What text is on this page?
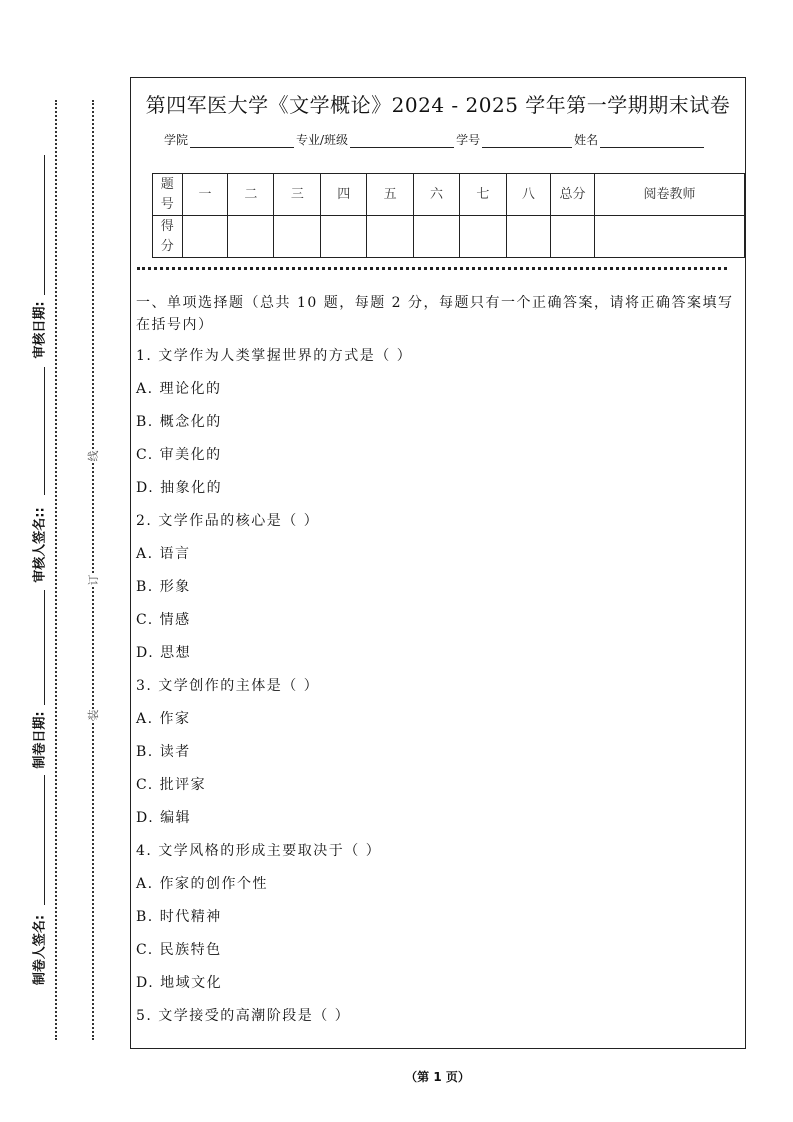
审核日期:
审核人签名::
制卷日期:
制卷人签名:
线
订
装
第四军医大学《文学概论》2024 - 2025 学年第一学期期末试卷
学院	专业/班级	学号	姓名
题号	一	二	三	四	五	六	七	八	总分	阅卷教师
得分										
一、单项选择题（总共 10 题，每题 2 分，每题只有一个正确答案，请将正确答案填写在括号内）
1. 文学作为人类掌握世界的方式是（ ）
A. 理论化的
B. 概念化的
C. 审美化的
D. 抽象化的
2. 文学作品的核心是（ ）
A. 语言
B. 形象
C. 情感
D. 思想
3. 文学创作的主体是（ ）
A. 作家
B. 读者
C. 批评家
D. 编辑
4. 文学风格的形成主要取决于（ ）
A. 作家的创作个性
B. 时代精神
C. 民族特色
D. 地域文化
5. 文学接受的高潮阶段是（ ）
（第 1 页）
